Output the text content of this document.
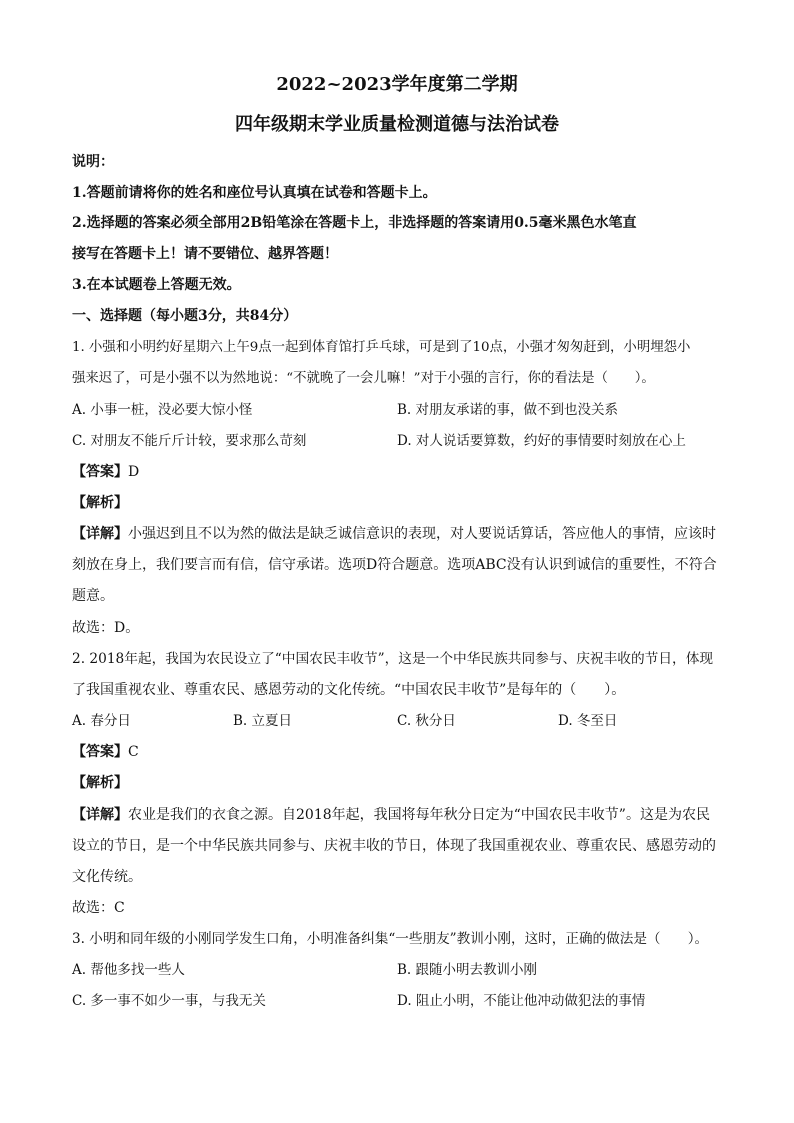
2022~2023学年度第二学期
四年级期末学业质量检测道德与法治试卷
说明：
1.答题前请将你的姓名和座位号认真填在试卷和答题卡上。
2.选择题的答案必须全部用2B铅笔涂在答题卡上，非选择题的答案请用0.5毫米黑色水笔直
接写在答题卡上！请不要错位、越界答题！
3.在本试题卷上答题无效。
一、选择题（每小题3分，共84分）
1. 小强和小明约好星期六上午9点一起到体育馆打乒乓球，可是到了10点，小强才匆匆赶到，小明埋怨小
强来迟了，可是小强不以为然地说：“不就晚了一会儿嘛！”对于小强的言行，你的看法是（　　）。
A. 小事一桩，没必要大惊小怪	B. 对朋友承诺的事，做不到也没关系
C. 对朋友不能斤斤计较，要求那么苛刻	D. 对人说话要算数，约好的事情要时刻放在心上
【答案】D
【解析】
【详解】小强迟到且不以为然的做法是缺乏诚信意识的表现，对人要说话算话，答应他人的事情，应该时
刻放在身上，我们要言而有信，信守承诺。选项D符合题意。选项ABC没有认识到诚信的重要性，不符合
题意。
故选：D。
2. 2018年起，我国为农民设立了“中国农民丰收节”，这是一个中华民族共同参与、庆祝丰收的节日，体现
了我国重视农业、尊重农民、感恩劳动的文化传统。“中国农民丰收节”是每年的（　　）。
A. 春分日	B. 立夏日	C. 秋分日	D. 冬至日
【答案】C
【解析】
【详解】农业是我们的衣食之源。自2018年起，我国将每年秋分日定为“中国农民丰收节”。这是为农民
设立的节日，是一个中华民族共同参与、庆祝丰收的节日，体现了我国重视农业、尊重农民、感恩劳动的
文化传统。
故选：C
3. 小明和同年级的小刚同学发生口角，小明准备纠集“一些朋友”教训小刚，这时，正确的做法是（　　）。
A. 帮他多找一些人	B. 跟随小明去教训小刚
C. 多一事不如少一事，与我无关	D. 阻止小明，不能让他冲动做犯法的事情
